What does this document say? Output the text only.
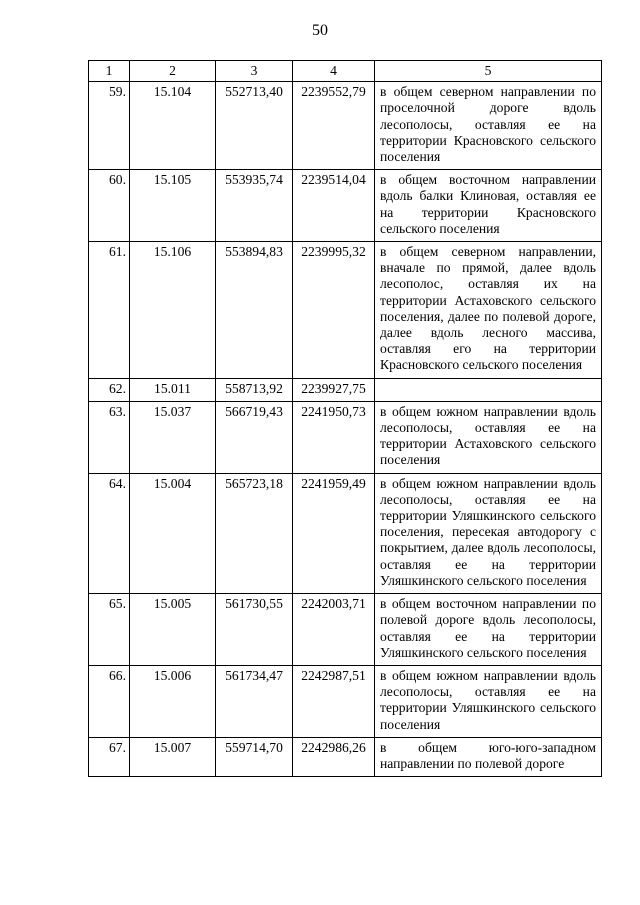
50
1	2	3	4	5
59.	15.104	552713,40	2239552,79	в общем северном направлении по проселочной дороге вдоль лесополосы, оставляя ее на территории Красновского сельского поселения
60.	15.105	553935,74	2239514,04	в общем восточном направлении вдоль балки Клиновая, оставляя ее на территории Красновского сельского поселения
61.	15.106	553894,83	2239995,32	в общем северном направлении, вначале по прямой, далее вдоль лесополос, оставляя их на территории Астаховского сельского поселения, далее по полевой дороге, далее вдоль лесного массива, оставляя его на территории Красновского сельского поселения
62.	15.011	558713,92	2239927,75	
63.	15.037	566719,43	2241950,73	в общем южном направлении вдоль лесополосы, оставляя ее на территории Астаховского сельского поселения
64.	15.004	565723,18	2241959,49	в общем южном направлении вдоль лесополосы, оставляя ее на территории Уляшкинского сельского поселения, пересекая автодорогу с покрытием, далее вдоль лесополосы, оставляя ее на территории Уляшкинского сельского поселения
65.	15.005	561730,55	2242003,71	в общем восточном направлении по полевой дороге вдоль лесополосы, оставляя ее на территории Уляшкинского сельского поселения
66.	15.006	561734,47	2242987,51	в общем южном направлении вдоль лесополосы, оставляя ее на территории Уляшкинского сельского поселения
67.	15.007	559714,70	2242986,26	в общем юго-юго-западном направлении по полевой дороге
